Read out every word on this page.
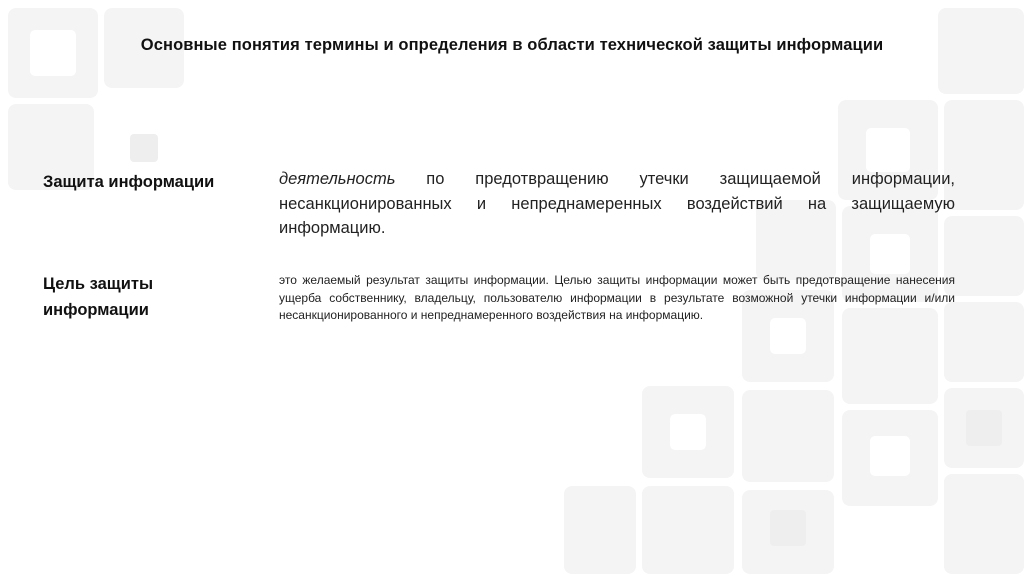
Основные понятия термины и определения в области технической защиты информации
Защита информации	деятельность по предотвращению утечки защищаемой информации, несанкционированных и непреднамеренных воздействий на защищаемую информацию.
Цель защиты информации
это желаемый результат защиты информации. Целью защиты информации может быть предотвращение нанесения ущерба собственнику, владельцу, пользователю информации в результате возможной утечки информации и/или несанкционированного и непреднамеренного воздействия на информацию.
